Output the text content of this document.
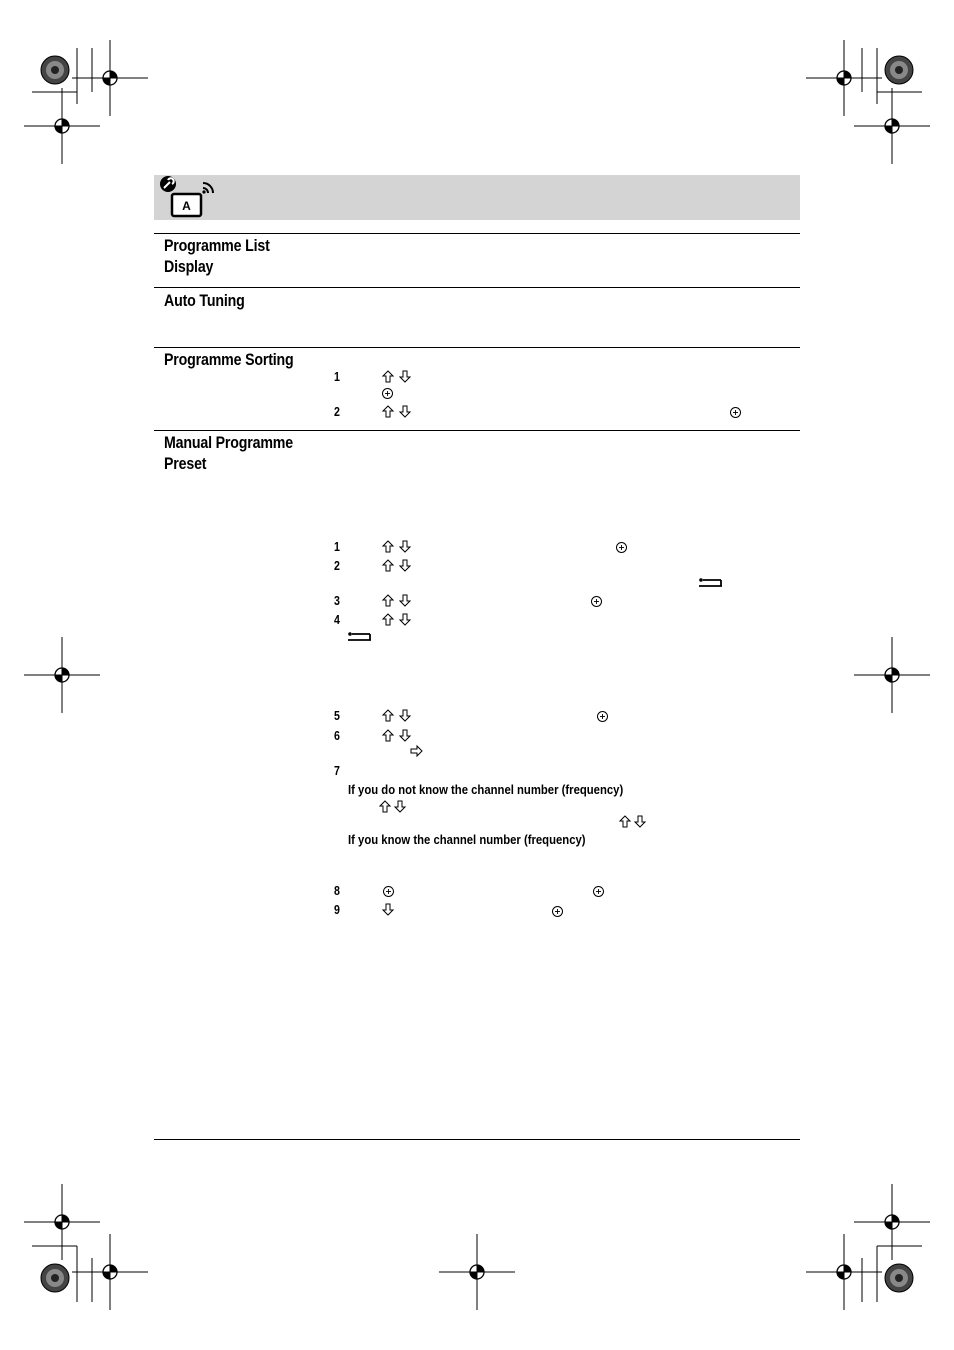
A
Programme List
Display
Auto Tuning
Programme Sorting
Manual Programme
Preset
1
2
1
2
3
4
5
6
7
8
9
If you do not know the channel number (frequency)
If you know the channel number (frequency)
